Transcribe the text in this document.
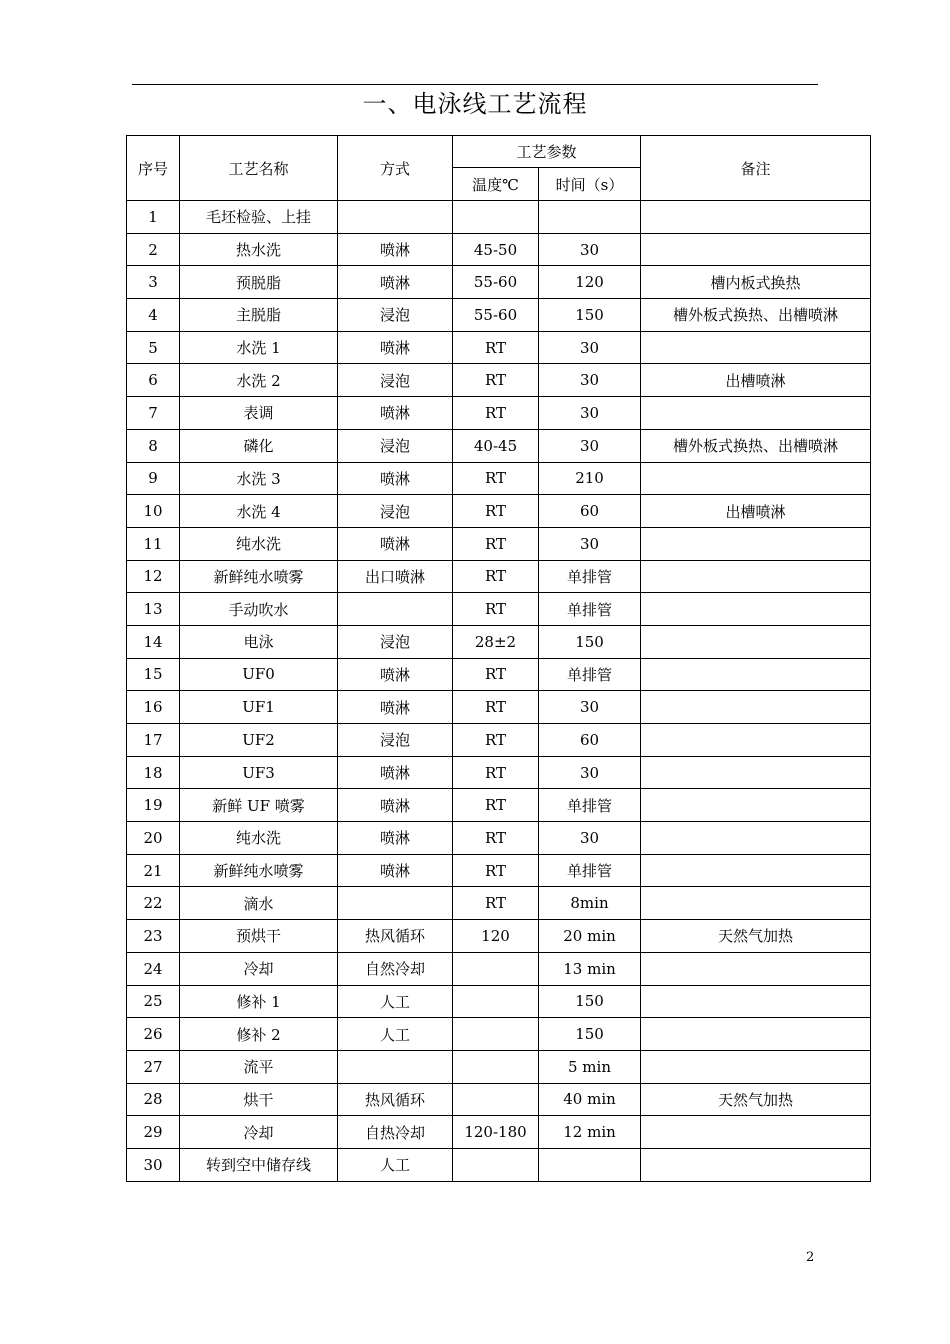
一、电泳线工艺流程
序号	工艺名称	方式	工艺参数		备注
			温度℃	时间（s）	
1	毛坯检验、上挂				
2	热水洗	喷淋	45-50	30	
3	预脱脂	喷淋	55-60	120	槽内板式换热
4	主脱脂	浸泡	55-60	150	槽外板式换热、出槽喷淋
5	水洗 1	喷淋	RT	30	
6	水洗 2	浸泡	RT	30	出槽喷淋
7	表调	喷淋	RT	30	
8	磷化	浸泡	40-45	30	槽外板式换热、出槽喷淋
9	水洗 3	喷淋	RT	210	
10	水洗 4	浸泡	RT	60	出槽喷淋
11	纯水洗	喷淋	RT	30	
12	新鲜纯水喷雾	出口喷淋	RT	单排管	
13	手动吹水		RT	单排管	
14	电泳	浸泡	28±2	150	
15	UF0	喷淋	RT	单排管	
16	UF1	喷淋	RT	30	
17	UF2	浸泡	RT	60	
18	UF3	喷淋	RT	30	
19	新鲜 UF 喷雾	喷淋	RT	单排管	
20	纯水洗	喷淋	RT	30	
21	新鲜纯水喷雾	喷淋	RT	单排管	
22	滴水		RT	8min	
23	预烘干	热风循环	120	20 min	天然气加热
24	冷却	自然冷却		13 min	
25	修补 1	人工		150	
26	修补 2	人工		150	
27	流平			5 min	
28	烘干	热风循环		40 min	天然气加热
29	冷却	自热冷却	120-180	12 min	
30	转到空中储存线	人工			
2
